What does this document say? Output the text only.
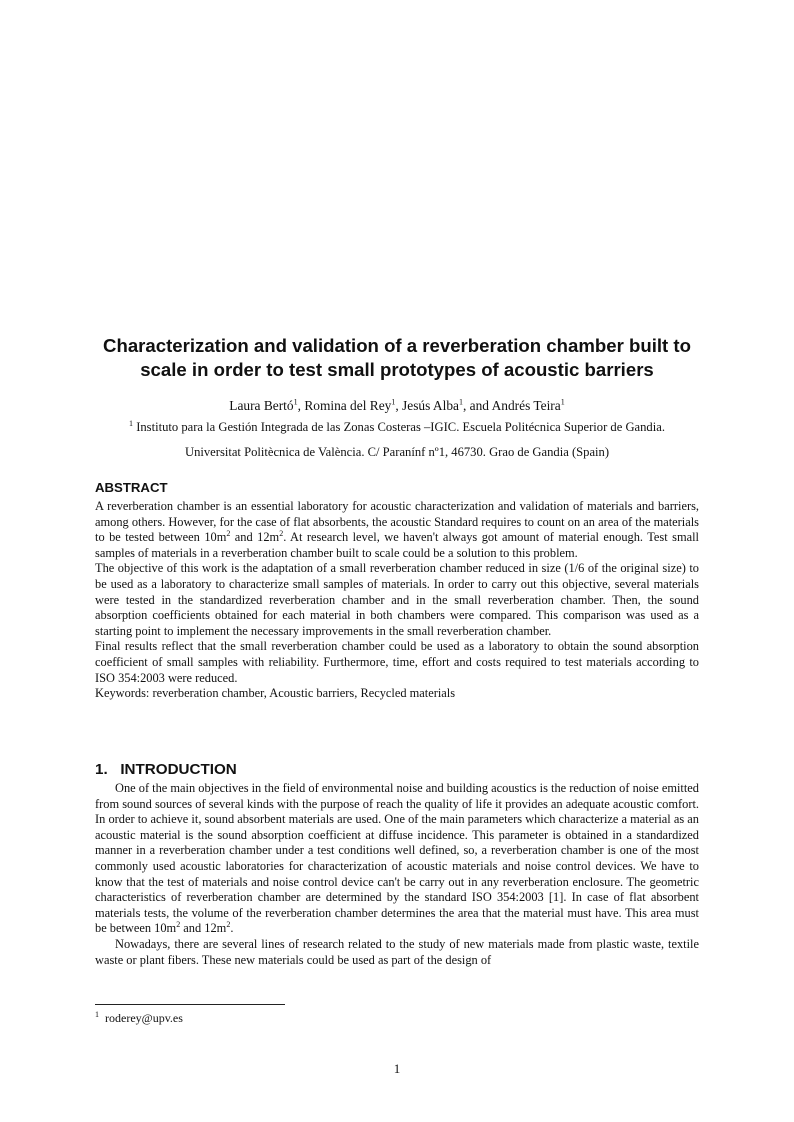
Characterization and validation of a reverberation chamber built to
scale in order to test small prototypes of acoustic barriers
Laura Bertó$^1$, Romina del Rey$^1$, Jesús Alba$^1$, and Andrés Teira$^1$
$^1$ Instituto para la Gestión Integrada de las Zonas Costeras –IGIC. Escuela Politécnica Superior de Gandia.
Universitat Politècnica de València. C/ Paranínf nº1, 46730. Grao de Gandia (Spain)
ABSTRACT

A reverberation chamber is an essential laboratory for acoustic characterization and validation of materials and barriers, among others. However, for the case of flat absorbents, the acoustic Standard requires to count on an area of the materials to be tested between $10m^2$ and $12m^2$. At research level, we haven't always got amount of material enough. Test small samples of materials in a reverberation chamber built to scale could be a solution to this problem.

The objective of this work is the adaptation of a small reverberation chamber reduced in size (1/6 of the original size) to be used as a laboratory to characterize small samples of materials. In order to carry out this objective, several materials were tested in the standardized reverberation chamber and in the small reverberation chamber. Then, the sound absorption coefficients obtained for each material in both chambers were compared. This comparison was used as a starting point to implement the necessary improvements in the small reverberation chamber.

Final results reflect that the small reverberation chamber could be used as a laboratory to obtain the sound absorption coefficient of small samples with reliability. Furthermore, time, effort and costs required to test materials according to ISO 354:2003 were reduced.

Keywords: reverberation chamber, Acoustic barriers, Recycled materials

1.   INTRODUCTION

One of the main objectives in the field of environmental noise and building acoustics is the reduction of noise emitted from sound sources of several kinds with the purpose of reach the quality of life it provides an adequate acoustic comfort. In order to achieve it, sound absorbent materials are used. One of the main parameters which characterize a material as an acoustic material is the sound absorption coefficient at diffuse incidence. This parameter is obtained in a standardized manner in a reverberation chamber under a test conditions well defined, so, a reverberation chamber is one of the most commonly used acoustic laboratories for characterization of acoustic materials and noise control devices. We have to know that the test of materials and noise control device can't be carry out in any reverberation enclosure. The geometric characteristics of reverberation chamber are determined by the standard ISO 354:2003 [1]. In case of flat absorbent materials tests, the volume of the reverberation chamber determines the area that the material must have. This area must be between $10m^2$ and $12m^2$.

Nowadays, there are several lines of research related to the study of new materials made from plastic waste, textile waste or plant fibers. These new materials could be used as part of the design of

$^1$ roderey@upv.es
1
